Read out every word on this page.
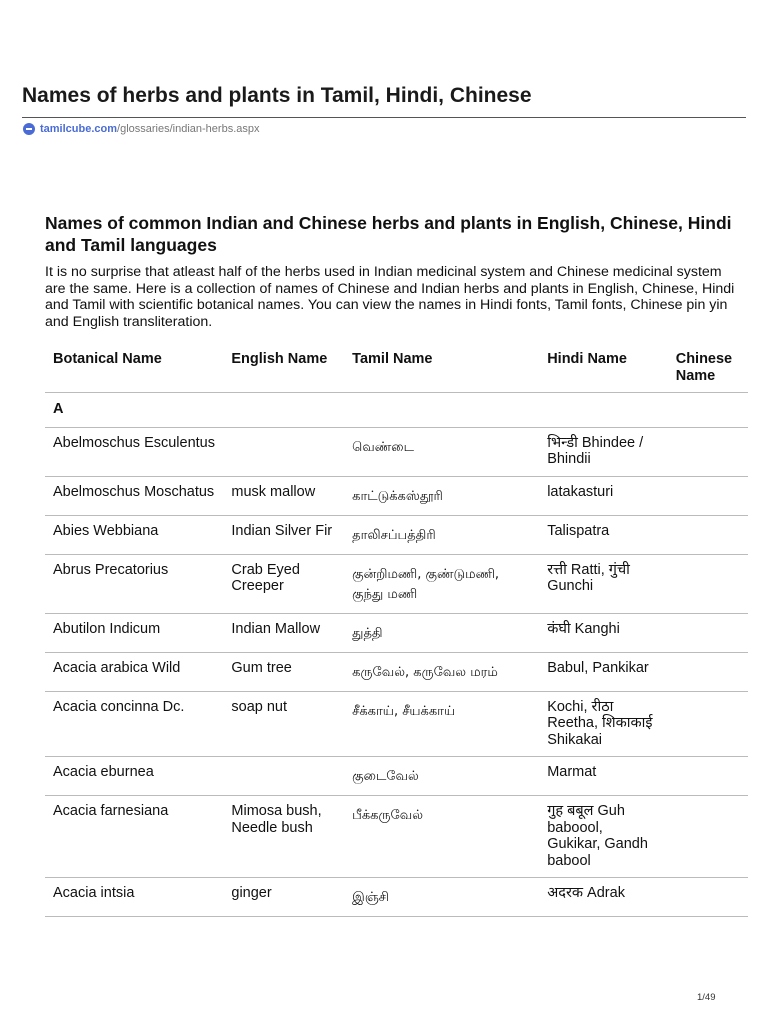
Names of herbs and plants in Tamil, Hindi, Chinese
tamilcube.com /glossaries/indian-herbs.aspx
Names of common Indian and Chinese herbs and plants in English, Chinese, Hindi and Tamil languages

It is no surprise that atleast half of the herbs used in Indian medicinal system and Chinese medicinal system are the same. Here is a collection of names of Chinese and Indian herbs and plants in English, Chinese, Hindi and Tamil with scientific botanical names. You can view the names in Hindi fonts, Tamil fonts, Chinese pin yin and English transliteration.

Botanical Name	English Name	Tamil Name	Hindi Name	Chinese Name
A				
Abelmoschus Esculentus		வெண்டை	भिन्डी Bhindee / Bhindii	
Abelmoschus Moschatus	musk mallow	காட்டுக்கஸ்தூரி	latakasturi	
Abies Webbiana	Indian Silver Fir	தாலிசப்பத்திரி	Talispatra	
Abrus Precatorius	Crab Eyed Creeper	குன்றிமணி, குண்டுமணி, குந்து மணி	रत्ती Ratti, गुंची Gunchi	
Abutilon Indicum	Indian Mallow	துத்தி	कंघी Kanghi	
Acacia arabica Wild	Gum tree	கருவேல், கருவேல மரம்	Babul, Pankikar	
Acacia concinna Dc.	soap nut	சீக்காய், சீயக்காய்	Kochi, रीठा Reetha, शिकाकाई Shikakai	
Acacia eburnea		குடைவேல்	Marmat	
Acacia farnesiana	Mimosa bush, Needle bush	பீக்கருவேல்	गुह बबूल Guh baboool, Gukikar, Gandh babool	
Acacia intsia	ginger	இஞ்சி	अदरक Adrak	
1/49
